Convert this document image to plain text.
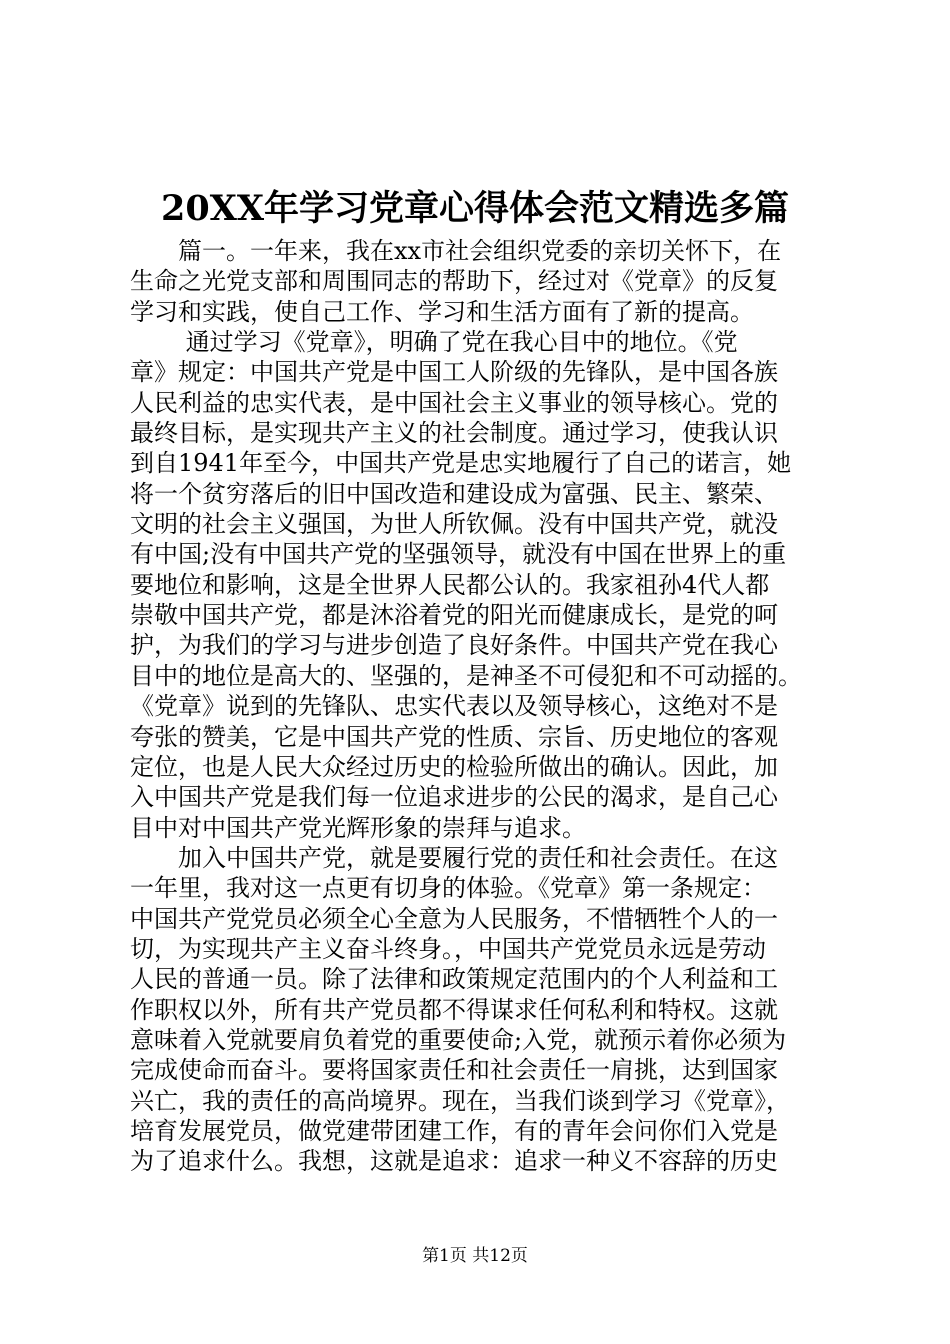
20XX年学习党章心得体会范文精选多篇
　　篇一。一年来，我在xx市社会组织党委的亲切关怀下，在
生命之光党支部和周围同志的帮助下，经过对《党章》的反复
学习和实践，使自己工作、学习和生活方面有了新的提高。
　　 通过学习《党章》，明确了党在我心目中的地位。《党
章》规定：中国共产党是中国工人阶级的先锋队，是中国各族
人民利益的忠实代表，是中国社会主义事业的领导核心。党的
最终目标，是实现共产主义的社会制度。通过学习，使我认识
到自1941年至今，中国共产党是忠实地履行了自己的诺言，她
将一个贫穷落后的旧中国改造和建设成为富强、民主、繁荣、
文明的社会主义强国，为世人所钦佩。没有中国共产党，就没
有中国;没有中国共产党的坚强领导，就没有中国在世界上的重
要地位和影响，这是全世界人民都公认的。我家祖孙4代人都
崇敬中国共产党，都是沐浴着党的阳光而健康成长，是党的呵
护，为我们的学习与进步创造了良好条件。中国共产党在我心
目中的地位是高大的、坚强的，是神圣不可侵犯和不可动摇的。
《党章》说到的先锋队、忠实代表以及领导核心，这绝对不是
夸张的赞美，它是中国共产党的性质、宗旨、历史地位的客观
定位，也是人民大众经过历史的检验所做出的确认。因此，加
入中国共产党是我们每一位追求进步的公民的渴求，是自己心
目中对中国共产党光辉形象的崇拜与追求。
　　加入中国共产党，就是要履行党的责任和社会责任。在这
一年里，我对这一点更有切身的体验。《党章》第一条规定：
中国共产党党员必须全心全意为人民服务，不惜牺牲个人的一
切，为实现共产主义奋斗终身。，中国共产党党员永远是劳动
人民的普通一员。除了法律和政策规定范围内的个人利益和工
作职权以外，所有共产党员都不得谋求任何私利和特权。这就
意味着入党就要肩负着党的重要使命;入党，就预示着你必须为
完成使命而奋斗。要将国家责任和社会责任一肩挑，达到国家
兴亡，我的责任的高尚境界。现在，当我们谈到学习《党章》，
培育发展党员，做党建带团建工作，有的青年会问你们入党是
为了追求什么。我想，这就是追求：追求一种义不容辞的历史
第1页 共12页
